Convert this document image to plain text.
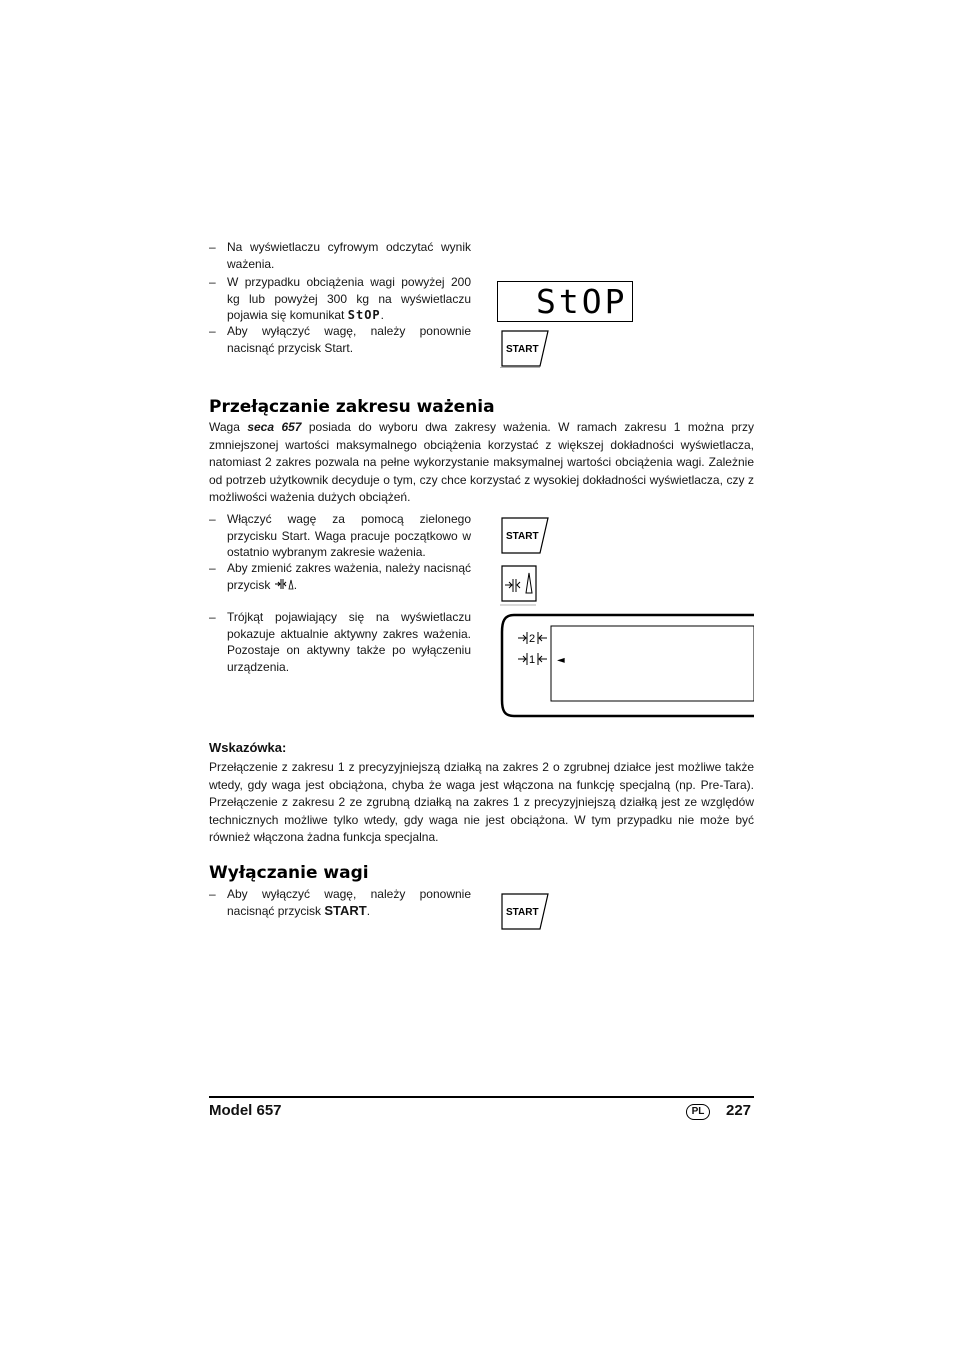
– Na wyświetlaczu cyfrowym odczytać wynik ważenia.
– W przypadku obciążenia wagi powyżej 200 kg lub powyżej 300 kg na wyświetlaczu pojawia się komunikat StOP.
– Aby wyłączyć wagę, należy ponownie nacisnąć przycisk Start.
StOP
START
Przełączanie zakresu ważenia
Waga seca 657 posiada do wyboru dwa zakresy ważenia. W ramach zakresu 1 można przy zmniejszonej wartości maksymalnego obciążenia korzystać z większej dokładności wyświetlacza, natomiast 2 zakres pozwala na pełne wykorzystanie maksymalnej wartości obciążenia wagi. Zależnie od potrzeb użytkownik decyduje o tym, czy chce korzystać z wysokiej dokładności wyświetlacza, czy z możliwości ważenia dużych obciążeń.
– Włączyć wagę za pomocą zielonego przycisku Start. Waga pracuje początkowo w ostatnio wybranym zakresie ważenia.
– Aby zmienić zakres ważenia, należy nacisnąć przycisk .
– Trójkąt pojawiający się na wyświetlaczu pokazuje aktualnie aktywny zakres ważenia. Pozostaje on aktywny także po wyłączeniu urządzenia.
START
2
1 ◄
Wskazówka:
Przełączenie z zakresu 1 z precyzyjniejszą działką na zakres 2 o zgrubnej działce jest możliwe także wtedy, gdy waga jest obciążona, chyba że waga jest włączona na funkcję specjalną (np. Pre-Tara). Przełączenie z zakresu 2 ze zgrubną działką na zakres 1 z precyzyjniejszą działką jest ze względów technicznych możliwe tylko wtedy, gdy waga nie jest obciążona. W tym przypadku nie może być również włączona żadna funkcja specjalna.
Wyłączanie wagi
– Aby wyłączyć wagę, należy ponownie nacisnąć przycisk START.	START
Model 657	PL	227
